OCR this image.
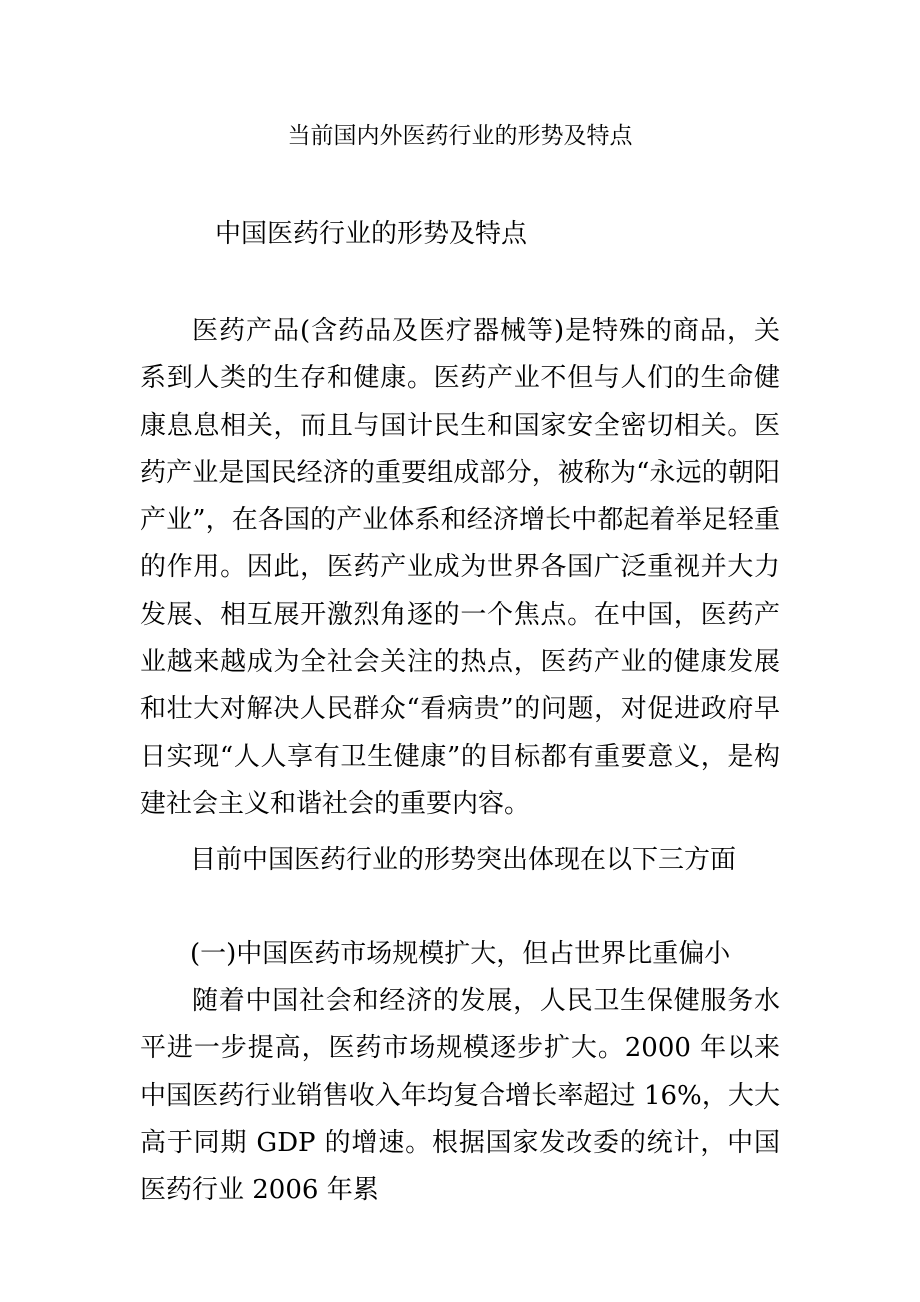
当前国内外医药行业的形势及特点
中国医药行业的形势及特点

医药产品(含药品及医疗器械等)是特殊的商品，关系到人类的生存和健康。医药产业不但与人们的生命健康息息相关，而且与国计民生和国家安全密切相关。医药产业是国民经济的重要组成部分，被称为“永远的朝阳产业”，在各国的产业体系和经济增长中都起着举足轻重的作用。因此，医药产业成为世界各国广泛重视并大力发展、相互展开激烈角逐的一个焦点。在中国，医药产业越来越成为全社会关注的热点，医药产业的健康发展和壮大对解决人民群众“看病贵”的问题，对促进政府早日实现“人人享有卫生健康”的目标都有重要意义，是构建社会主义和谐社会的重要内容。

目前中国医药行业的形势突出体现在以下三方面
(一)中国医药市场规模扩大，但占世界比重偏小

随着中国社会和经济的发展，人民卫生保健服务水平进一步提高，医药市场规模逐步扩大。2000 年以来中国医药行业销售收入年均复合增长率超过 16%，大大高于同期 GDP 的增速。根据国家发改委的统计，中国医药行业 2006 年累
